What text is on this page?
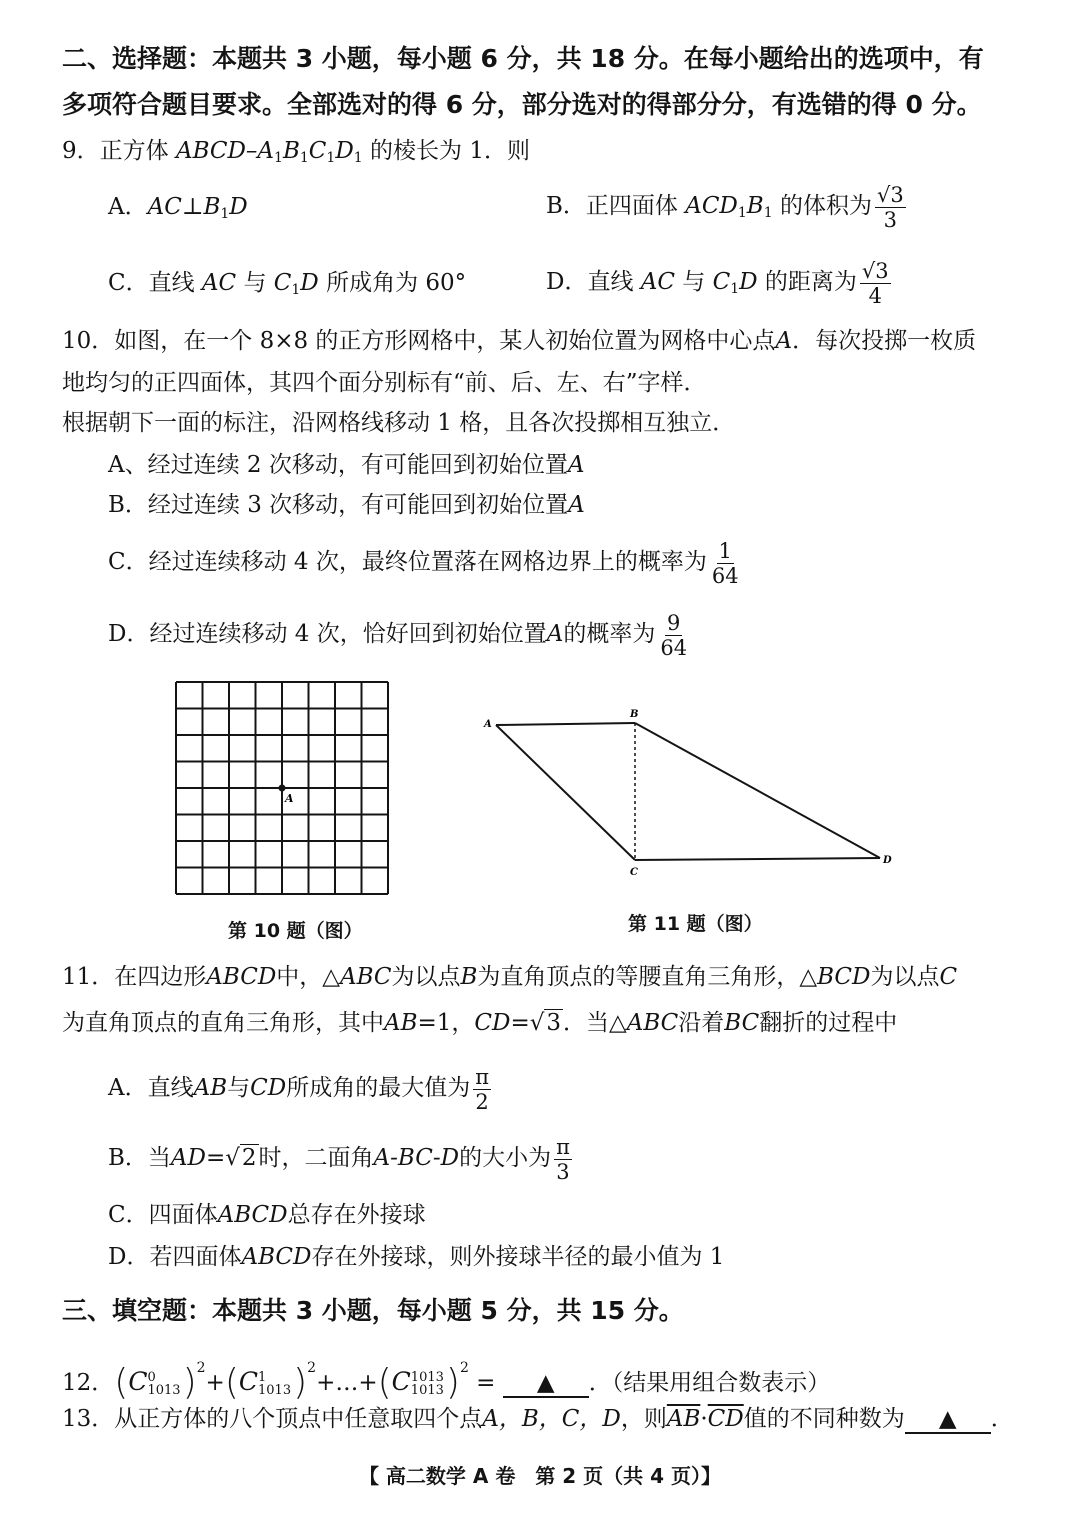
二、选择题：本题共 3 小题，每小题 6 分，共 18 分。在每小题给出的选项中，有
多项符合题目要求。全部选对的得 6 分，部分选对的得部分分，有选错的得 0 分。
9．正方体 ABCD–$A_1B_1C_1D_1$ 的棱长为 1．则
A．$AC\perp B_1D$	B．正四面体 $ACD_1B_1$ 的体积为 $\frac{√3}{3}$
C．直线 AC 与 $C_1D$ 所成角为 60°	D．直线 AC 与 $C_1D$ 的距离为 $\frac{√3}{4}$
10．如图，在一个 8×8 的正方形网格中，某人初始位置为网格中心点A．每次投掷一枚质
地均匀的正四面体，其四个面分别标有“前、后、左、右”字样．
根据朝下一面的标注，沿网格线移动 1 格，且各次投掷相互独立．
A、经过连续 2 次移动，有可能回到初始位置A
B．经过连续 3 次移动，有可能回到初始位置A
C．经过连续移动 4 次，最终位置落在网格边界上的概率为 $\frac{1}{64}$
D．经过连续移动 4 次，恰好回到初始位置A的概率为 $\frac{9}{64}$
A
第 10 题（图）
A
B
C
D
第 11 题（图）
11．在四边形ABCD中，△ABC为以点B为直角顶点的等腰直角三角形，△BCD为以点C
为直角顶点的直角三角形，其中AB=1，CD=√3．当△ABC沿着BC翻折的过程中
A．直线AB与CD所成角的最大值为 $\frac{\pi}{2}$
B．当AD=√2时，二面角A-BC-D的大小为 $\frac{\pi}{3}$
C．四面体ABCD总存在外接球
D．若四面体ABCD存在外接球，则外接球半径的最小值为 1
三、填空题：本题共 3 小题，每小题 5 分，共 15 分。
12．(C 0
1013 )$^2$+(C 1
1013 )$^2$+…+(C 1013
1013 )$^2$ = ▲ ．（结果用组合数表示）
13．从正方体的八个顶点中任意取四个点A，B，C，D，则$\overline{AB}\cdot\overline{CD}$值的不同种数为 ▲ ．
【 高二数学 A 卷　第 2 页（共 4 页）】
